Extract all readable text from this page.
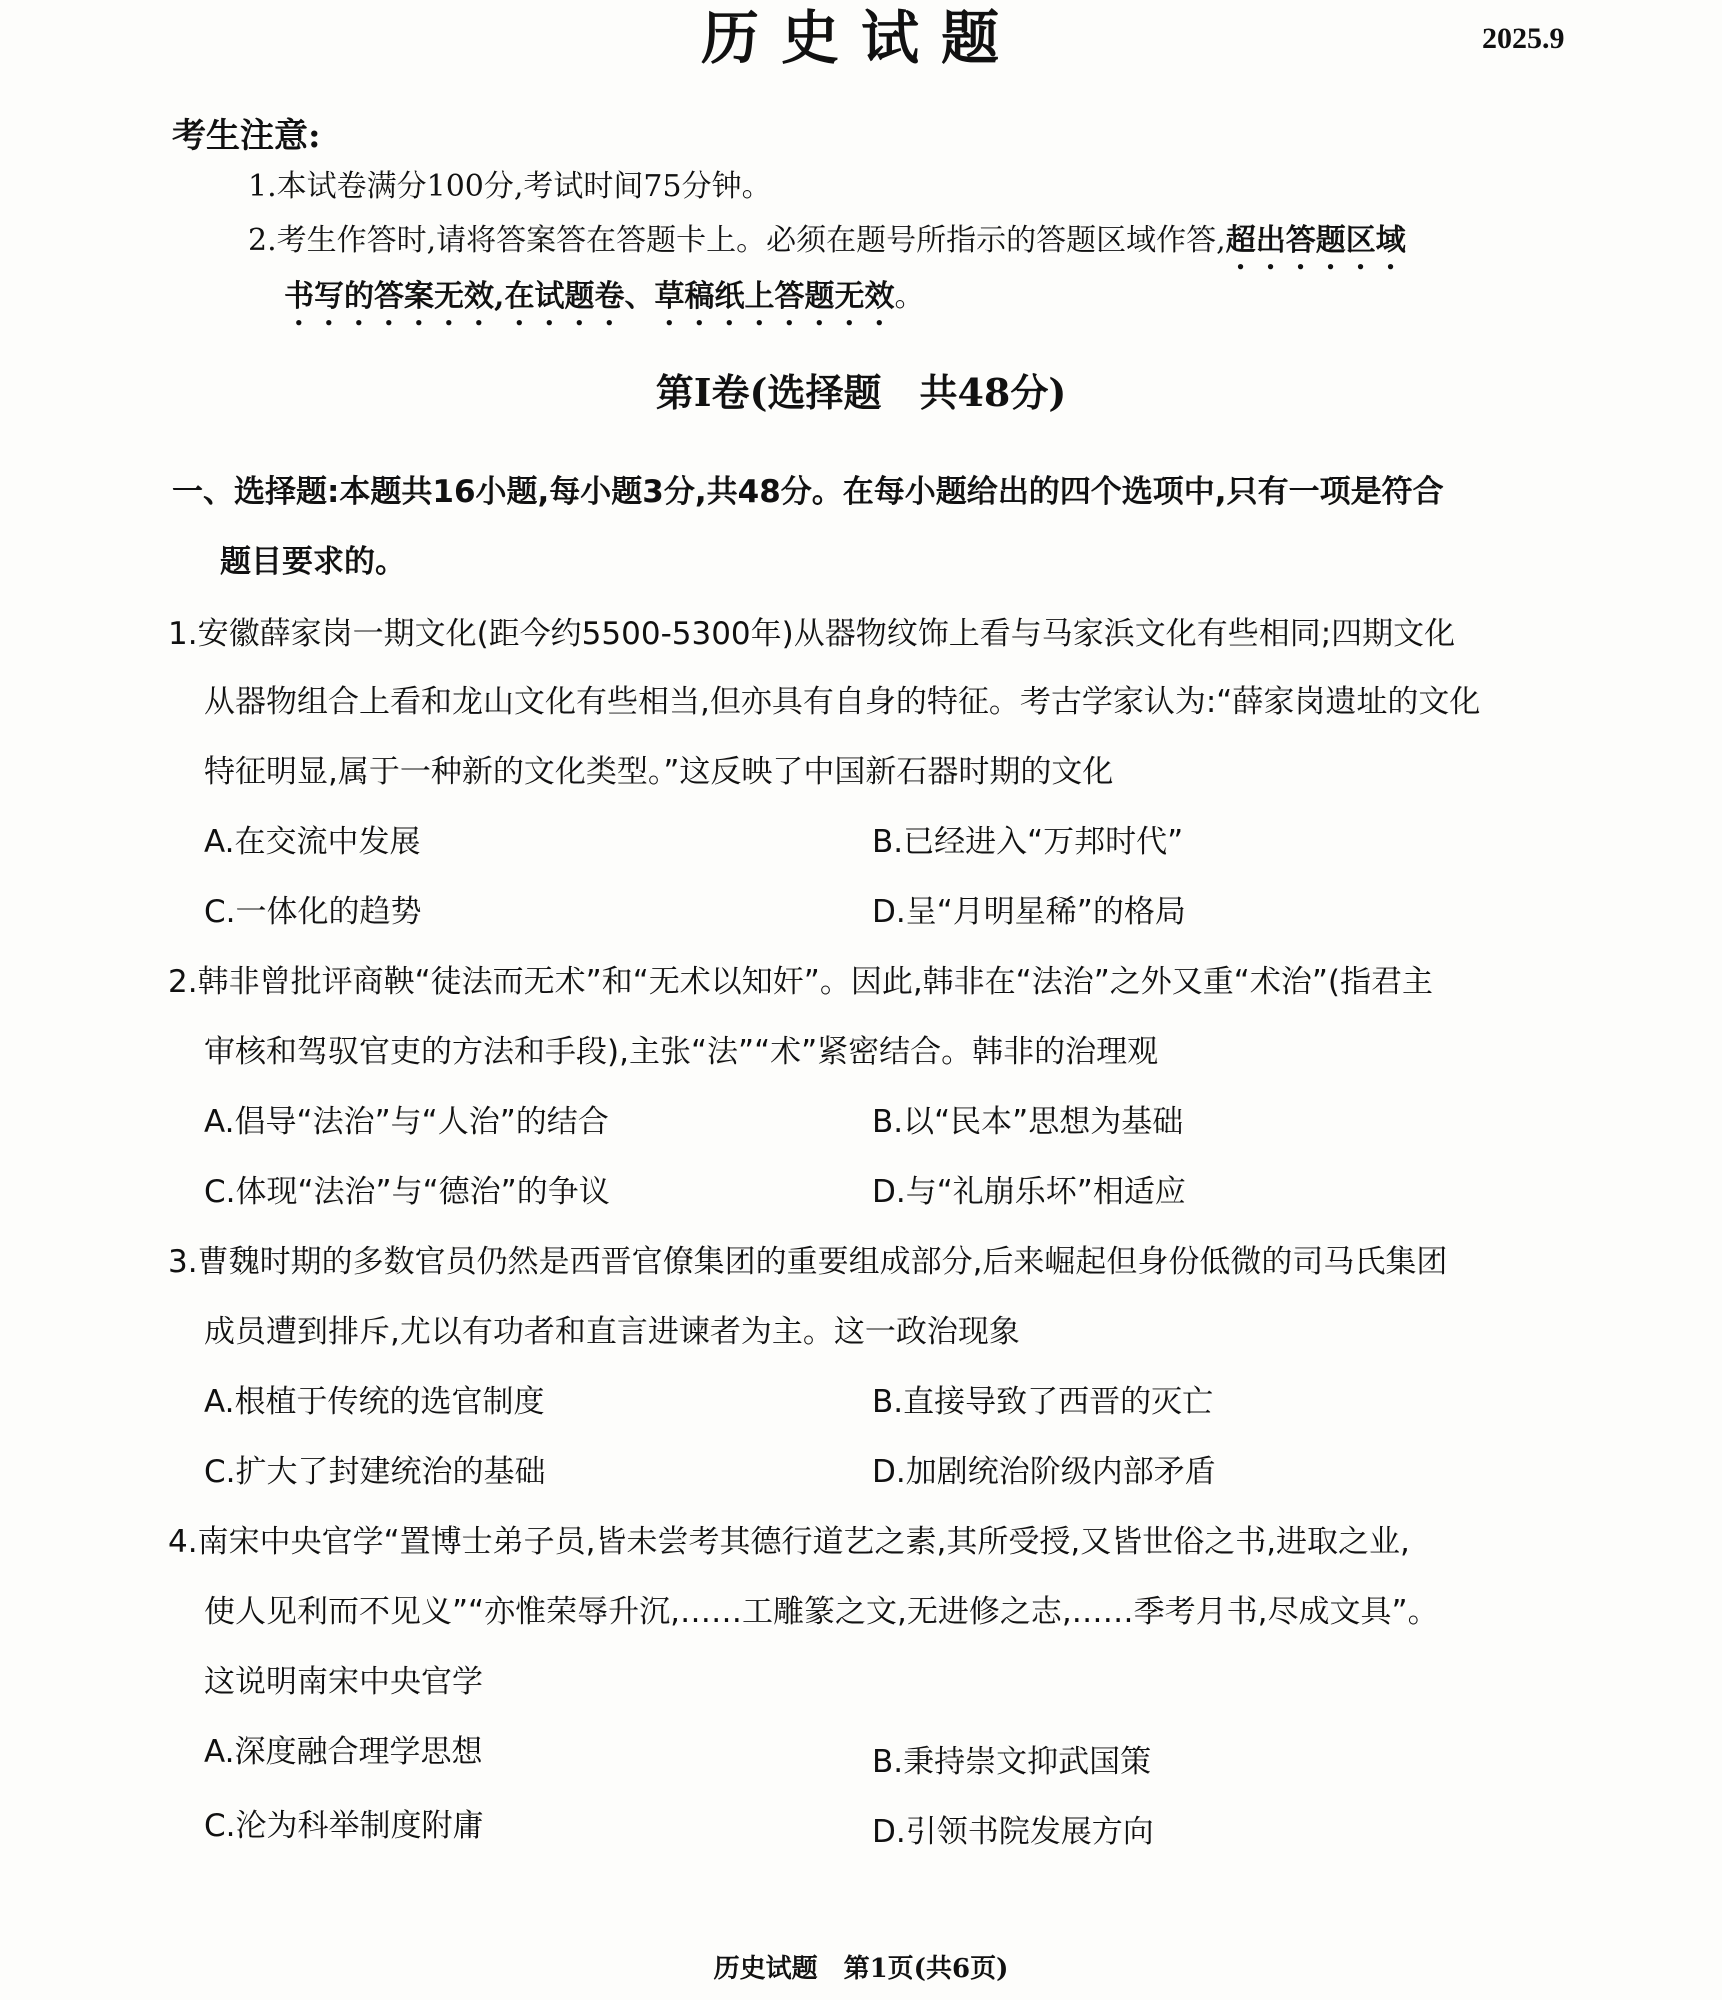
历史试题	2025.9
考生注意:
1.本试卷满分100分,考试时间75分钟。
2.考生作答时,请将答案答在答题卡上。必须在题号所指示的答题区域作答,超出答题区域
书写的答案无效,在试题卷、草稿纸上答题无效。
第Ⅰ卷(选择题　共48分)
一、选择题:本题共16小题,每小题3分,共48分。在每小题给出的四个选项中,只有一项是符合
题目要求的。
1.安徽薛家岗一期文化(距今约5500-5300年)从器物纹饰上看与马家浜文化有些相同;四期文化
从器物组合上看和龙山文化有些相当,但亦具有自身的特征。考古学家认为:“薛家岗遗址的文化
特征明显,属于一种新的文化类型。”这反映了中国新石器时期的文化
A.在交流中发展	B.已经进入“万邦时代”
C.一体化的趋势	D.呈“月明星稀”的格局
2.韩非曾批评商鞅“徒法而无术”和“无术以知奸”。因此,韩非在“法治”之外又重“术治”(指君主
审核和驾驭官吏的方法和手段),主张“法”“术”紧密结合。韩非的治理观
A.倡导“法治”与“人治”的结合	B.以“民本”思想为基础
C.体现“法治”与“德治”的争议	D.与“礼崩乐坏”相适应
3.曹魏时期的多数官员仍然是西晋官僚集团的重要组成部分,后来崛起但身份低微的司马氏集团
成员遭到排斥,尤以有功者和直言进谏者为主。这一政治现象
A.根植于传统的选官制度	B.直接导致了西晋的灭亡
C.扩大了封建统治的基础	D.加剧统治阶级内部矛盾
4.南宋中央官学“置博士弟子员,皆未尝考其德行道艺之素,其所受授,又皆世俗之书,进取之业,
使人见利而不见义”“亦惟荣辱升沉,……工雕篆之文,无进修之志,……季考月书,尽成文具”。
这说明南宋中央官学
A.深度融合理学思想	B.秉持崇文抑武国策
C.沦为科举制度附庸	D.引领书院发展方向
历史试题　第1页(共6页)
